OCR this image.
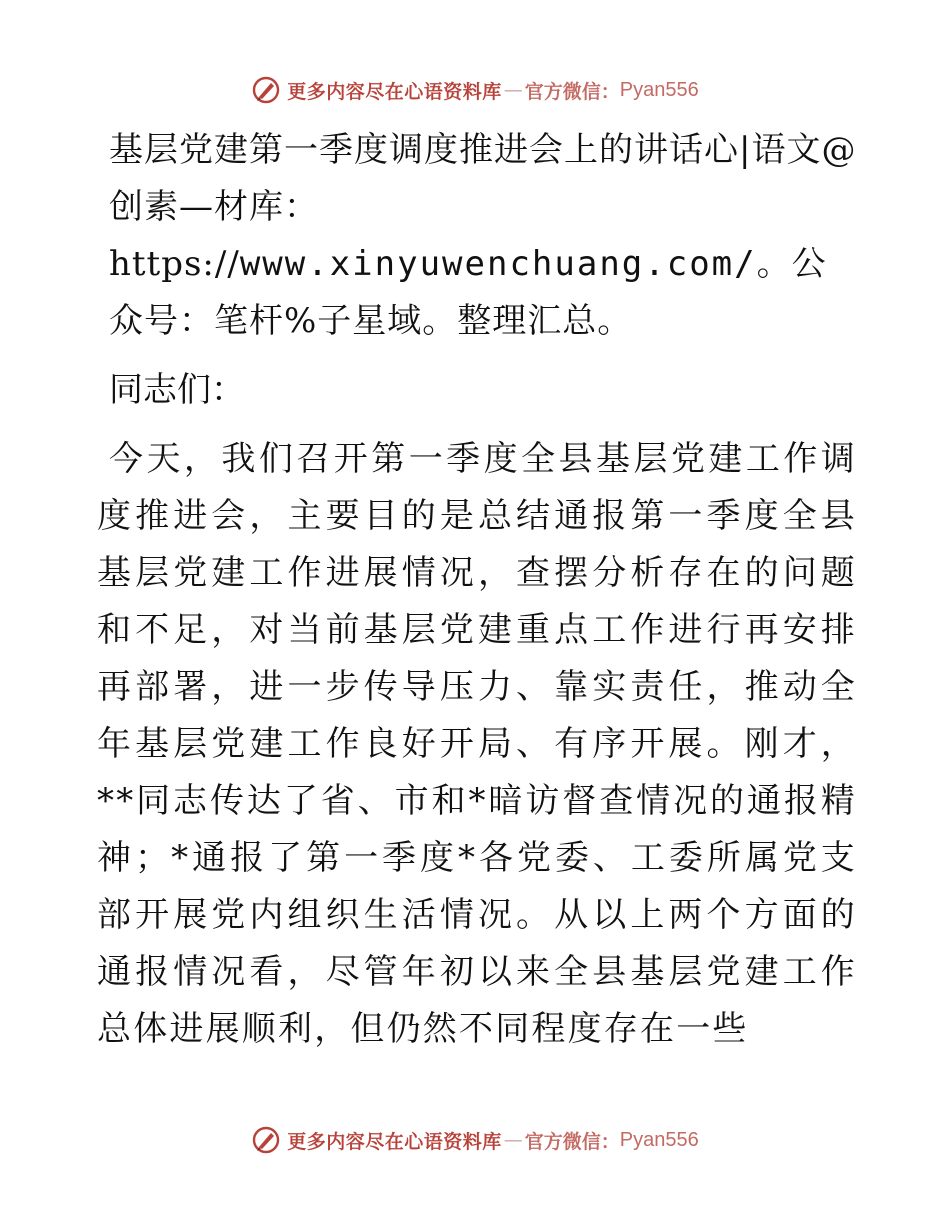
更多内容尽在心语资料库 — 官方微信： Pyan556

基层党建第一季度调度推进会上的讲话心|语文@创素—材库：https://www.xinyuwenchuang.com/。公众号：笔杆%子星域。整理汇总。

同志们：

今天，我们召开第一季度全县基层党建工作调度推进会，主要目的是总结通报第一季度全县基层党建工作进展情况，查摆分析存在的问题和不足，对当前基层党建重点工作进行再安排再部署，进一步传导压力、靠实责任，推动全年基层党建工作良好开局、有序开展。刚才，**同志传达了省、市和*暗访督查情况的通报精神；*通报了第一季度*各党委、工委所属党支部开展党内组织生活情况。从以上两个方面的通报情况看，尽管年初以来全县基层党建工作总体进展顺利，但仍然不同程度存在一些

更多内容尽在心语资料库 — 官方微信： Pyan556
